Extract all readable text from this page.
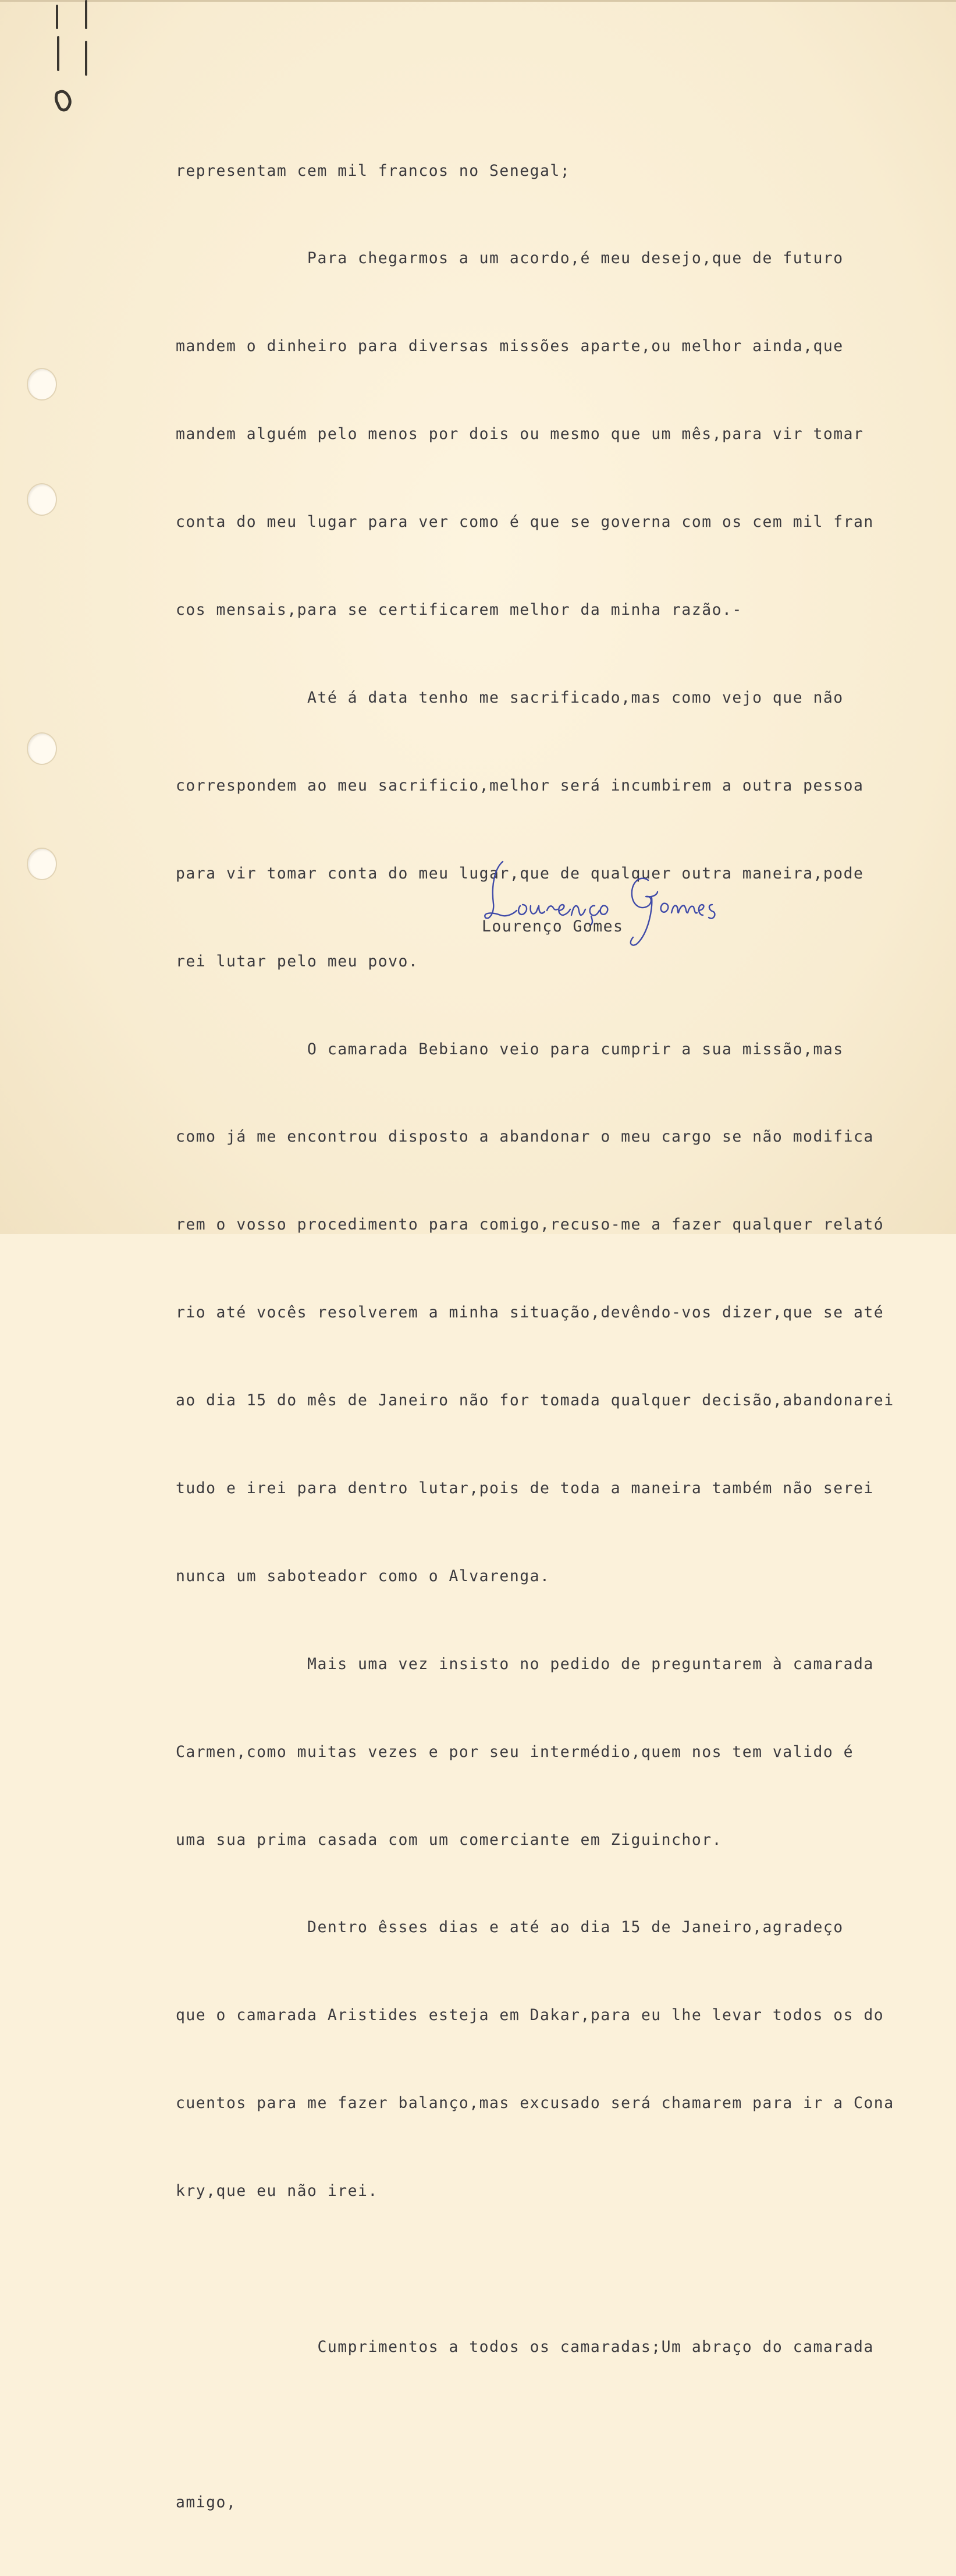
representam cem mil francos no Senegal;

Para chegarmos a um acordo,é meu desejo,que de futuro

mandem o dinheiro para diversas missões aparte,ou melhor ainda,que

mandem alguém pelo menos por dois ou mesmo que um mês,para vir tomar

conta do meu lugar para ver como é que se governa com os cem mil fran

cos mensais,para se certificarem melhor da minha razão.-

Até á data tenho me sacrificado,mas como vejo que não

correspondem ao meu sacrificio,melhor será incumbirem a outra pessoa

para vir tomar conta do meu lugar,que de qualquer outra maneira,pode

rei lutar pelo meu povo.

O camarada Bebiano veio para cumprir a sua missão,mas

como já me encontrou disposto a abandonar o meu cargo se não modifica

rem o vosso procedimento para comigo,recuso-me a fazer qualquer relató

rio até vocês resolverem a minha situação,devêndo-vos dizer,que se até

ao dia 15 do mês de Janeiro não for tomada qualquer decisão,abandonarei

tudo e irei para dentro lutar,pois de toda a maneira também não serei

nunca um saboteador como o Alvarenga.

Mais uma vez insisto no pedido de preguntarem à camarada

Carmen,como muitas vezes e por seu intermédio,quem nos tem valido é

uma sua prima casada com um comerciante em Ziguinchor.

Dentro êsses dias e até ao dia 15 de Janeiro,agradeço

que o camarada Aristides esteja em Dakar,para eu lhe levar todos os do

cuentos para me fazer balanço,mas excusado será chamarem para ir a Cona

kry,que eu não irei.

Cumprimentos a todos os camaradas;Um abraço do camarada

amigo,

Lourenço Gomes
